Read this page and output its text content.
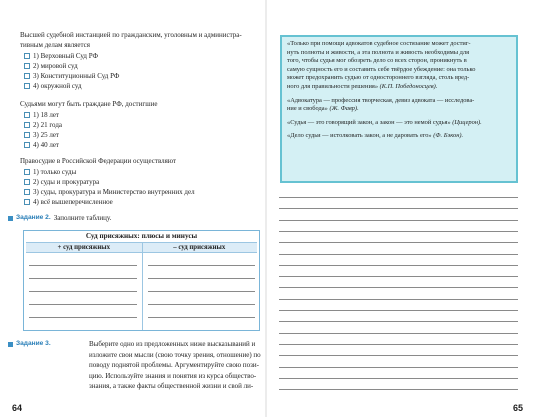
Высшей судебной инстанцией по гражданским, уголовным и администра-
тивным делам является
1) Верховный Суд РФ
2) мировой суд
3) Конституционный Суд РФ
4) окружной суд
Судьями могут быть граждане РФ, достигшие
1) 18 лет
2) 21 года
3) 25 лет
4) 40 лет
Правосудие в Российской Федерации осуществляют
1) только суды
2) суды и прокуратура
3) суды, прокуратура и Министерство внутренних дел
4) всё вышеперечисленное
Задание 2. Заполните таблицу.
Суд присяжных: плюсы и минусы
+ суд присяжных	– суд присяжных
Задание 3.	Выберите одно из предложенных ниже высказываний и
изложите свои мысли (свою точку зрения, отношение) по
поводу поднятой проблемы. Аргументируйте свою пози-
цию. Используйте знания и понятия из курса общество-
знания, а также факты общественной жизни и свой ли-
64
«Только при помощи адвокатов судебное состязание может достиг-
нуть полноты и живости, а эта полнота и живость необходимы для
того, чтобы судья мог обозреть дело со всех сторон, проникнуть в
самую сущность его и составить себе твёрдое убеждение: она только
может предохранить судью от одностороннего взгляда, столь вред-
ного для правильности решения» (К.П. Победоносцев).
«Адвокатура — профессия творческая, девиз адвоката — исследова-
ние и свобода» (Ж. Фавр).
«Судья — это говорящий закон, а закон — это немой судья» (Цицерон).
«Дело судьи — истолковать закон, а не даровать его» (Ф. Бэкон).
65
